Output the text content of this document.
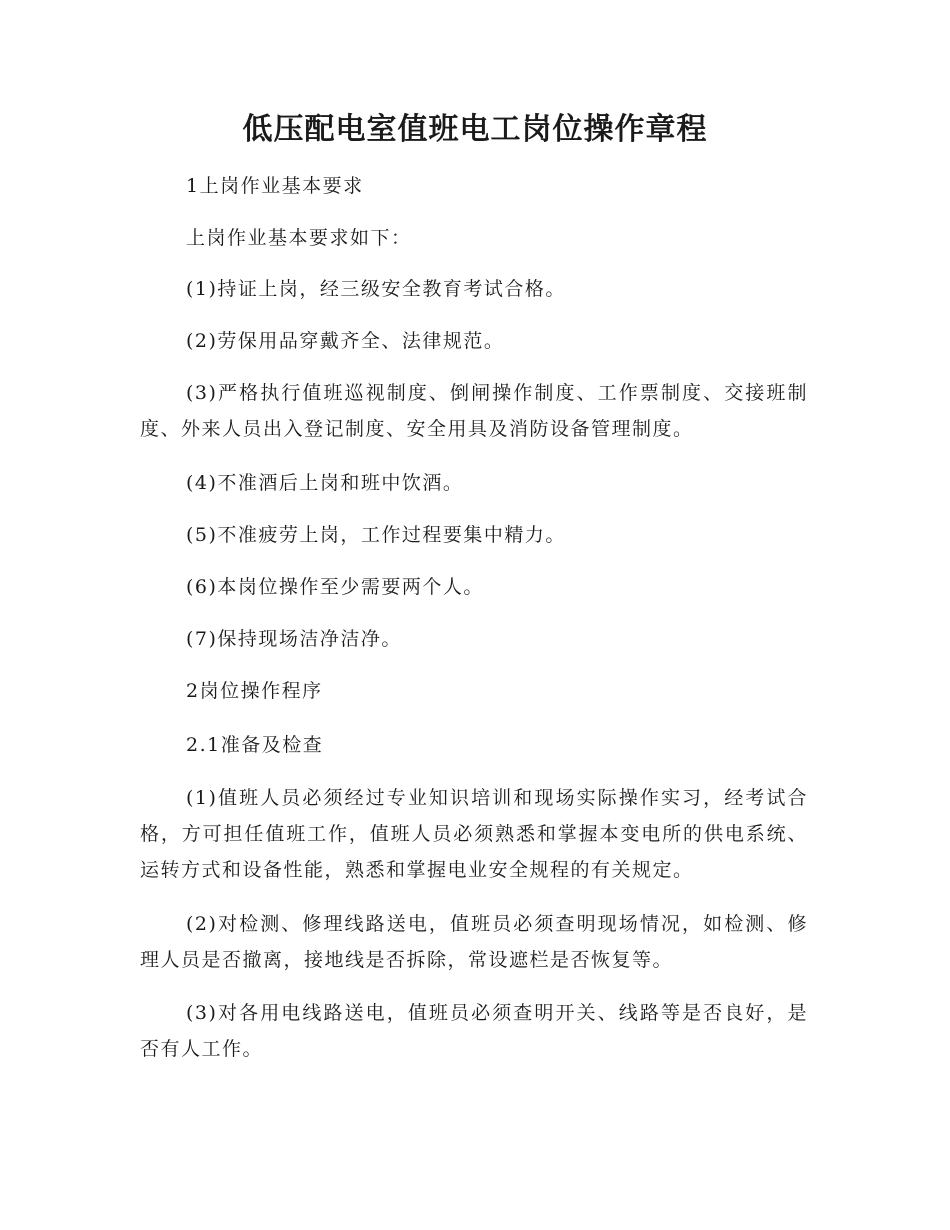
低压配电室值班电工岗位操作章程

1上岗作业基本要求

上岗作业基本要求如下：

(1)持证上岗，经三级安全教育考试合格。

(2)劳保用品穿戴齐全、法律规范。

(3)严格执行值班巡视制度、倒闸操作制度、工作票制度、交接班制度、外来人员出入登记制度、安全用具及消防设备管理制度。

(4)不准酒后上岗和班中饮酒。

(5)不准疲劳上岗，工作过程要集中精力。

(6)本岗位操作至少需要两个人。

(7)保持现场洁净洁净。

2岗位操作程序

2.1准备及检查

(1)值班人员必须经过专业知识培训和现场实际操作实习，经考试合格，方可担任值班工作，值班人员必须熟悉和掌握本变电所的供电系统、运转方式和设备性能，熟悉和掌握电业安全规程的有关规定。

(2)对检测、修理线路送电，值班员必须查明现场情况，如检测、修理人员是否撤离，接地线是否拆除，常设遮栏是否恢复等。

(3)对各用电线路送电，值班员必须查明开关、线路等是否良好，是否有人工作。
